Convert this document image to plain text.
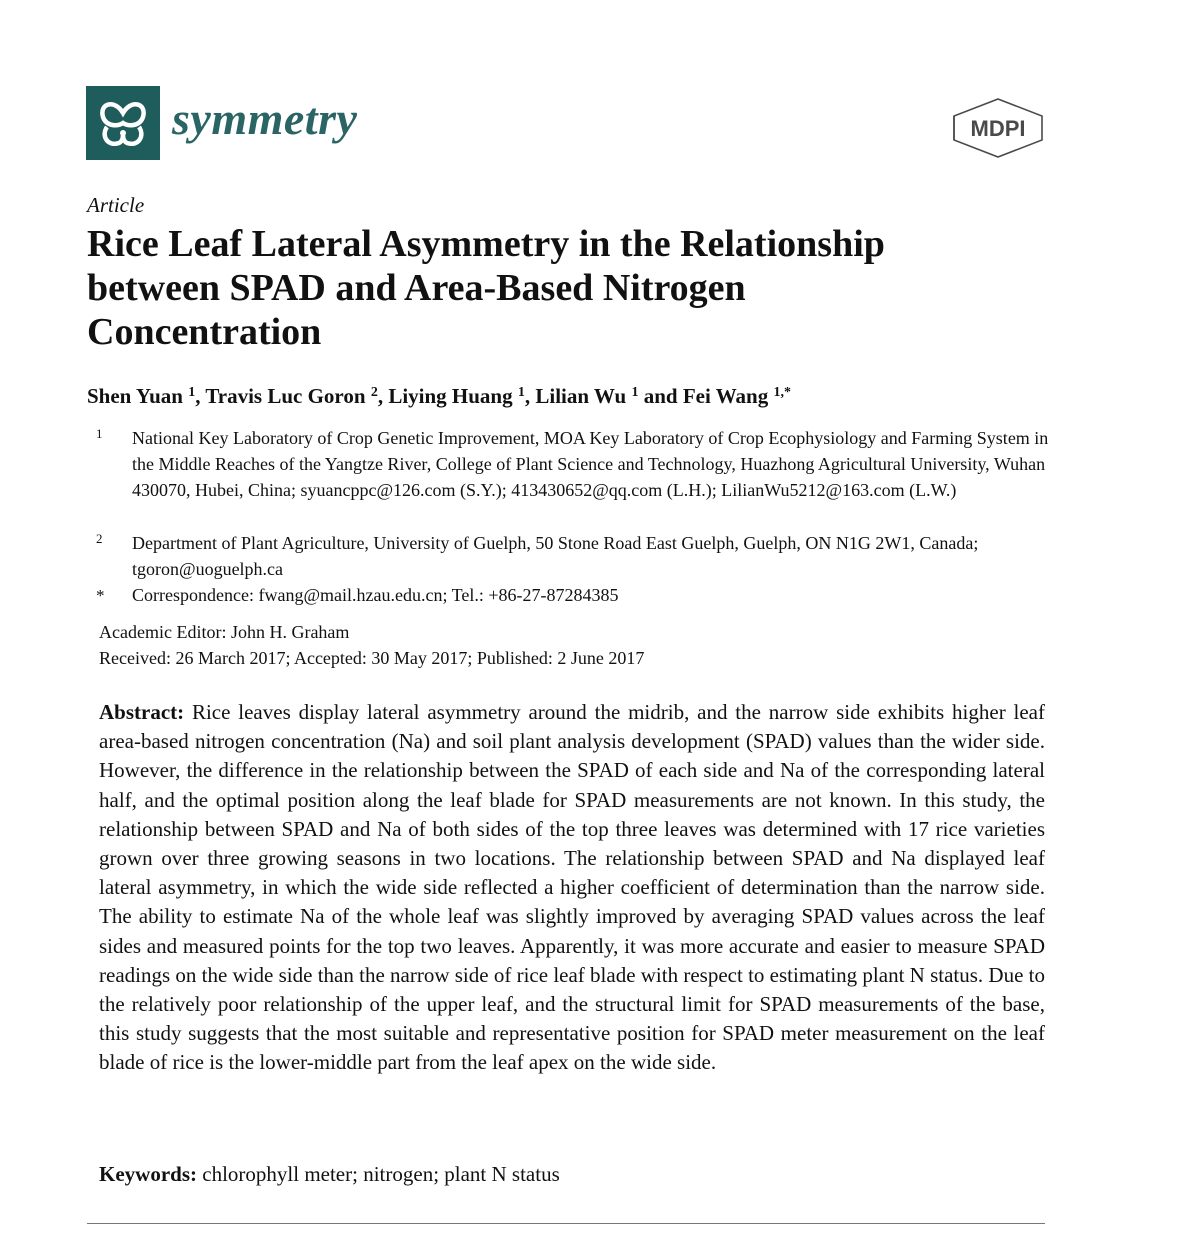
symmetry	MDPI
Article
Rice Leaf Lateral Asymmetry in the Relationship between SPAD and Area-Based Nitrogen Concentration
Shen Yuan $^1$, Travis Luc Goron $^2$, Liying Huang $^1$, Lilian Wu $^1$ and Fei Wang $^{1,*}$
1 National Key Laboratory of Crop Genetic Improvement, MOA Key Laboratory of Crop Ecophysiology and Farming System in the Middle Reaches of the Yangtze River, College of Plant Science and Technology, Huazhong Agricultural University, Wuhan 430070, Hubei, China; syuancppc@126.com (S.Y.); 413430652@qq.com (L.H.); LilianWu5212@163.com (L.W.)
2 Department of Plant Agriculture, University of Guelph, 50 Stone Road East Guelph, Guelph, ON N1G 2W1, Canada; tgoron@uoguelph.ca
* Correspondence: fwang@mail.hzau.edu.cn; Tel.: +86-27-87284385
Academic Editor: John H. Graham
Received: 26 March 2017; Accepted: 30 May 2017; Published: 2 June 2017

Abstract: Rice leaves display lateral asymmetry around the midrib, and the narrow side exhibits higher leaf area-based nitrogen concentration (Na) and soil plant analysis development (SPAD) values than the wider side. However, the difference in the relationship between the SPAD of each side and Na of the corresponding lateral half, and the optimal position along the leaf blade for SPAD measurements are not known. In this study, the relationship between SPAD and Na of both sides of the top three leaves was determined with 17 rice varieties grown over three growing seasons in two locations. The relationship between SPAD and Na displayed leaf lateral asymmetry, in which the wide side reflected a higher coefficient of determination than the narrow side. The ability to estimate Na of the whole leaf was slightly improved by averaging SPAD values across the leaf sides and measured points for the top two leaves. Apparently, it was more accurate and easier to measure SPAD readings on the wide side than the narrow side of rice leaf blade with respect to estimating plant N status. Due to the relatively poor relationship of the upper leaf, and the structural limit for SPAD measurements of the base, this study suggests that the most suitable and representative position for SPAD meter measurement on the leaf blade of rice is the lower-middle part from the leaf apex on the wide side.

Keywords: chlorophyll meter; nitrogen; plant N status
